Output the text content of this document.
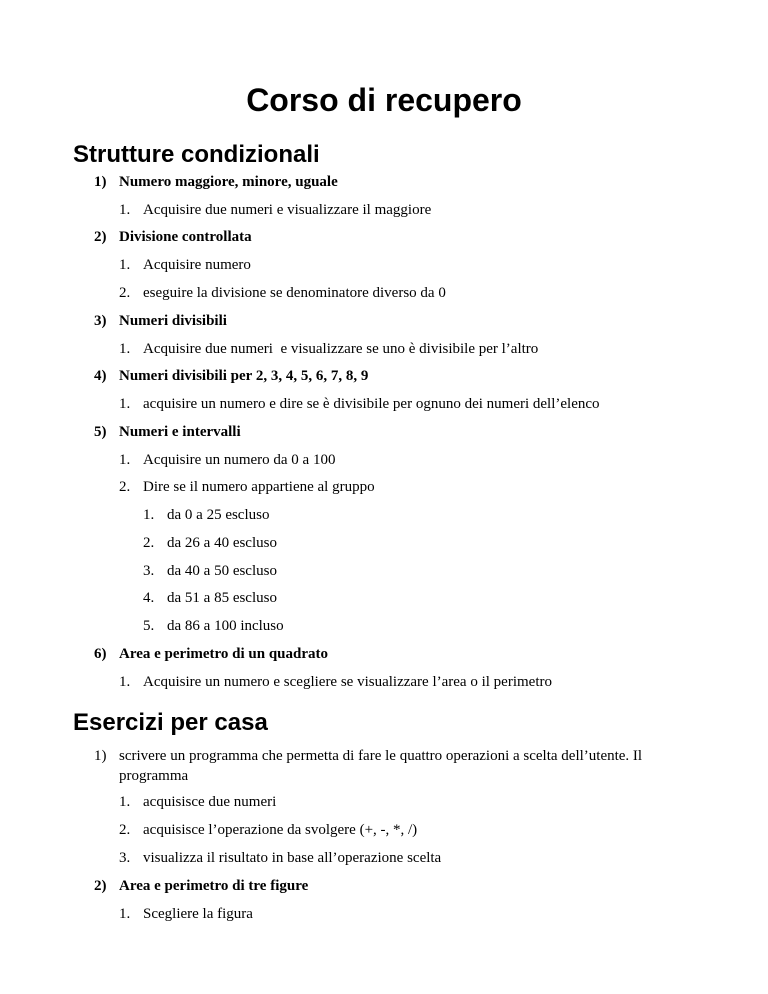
Corso di recupero
Strutture condizionali
1) Numero maggiore, minore, uguale
1. Acquisire due numeri e visualizzare il maggiore
2) Divisione controllata
1. Acquisire numero
2. eseguire la divisione se denominatore diverso da 0
3) Numeri divisibili
1. Acquisire due numeri  e visualizzare se uno è divisibile per l’altro
4) Numeri divisibili per 2, 3, 4, 5, 6, 7, 8, 9
1. acquisire un numero e dire se è divisibile per ognuno dei numeri dell’elenco
5) Numeri e intervalli
1. Acquisire un numero da 0 a 100
2. Dire se il numero appartiene al gruppo
1. da 0 a 25 escluso
2. da 26 a 40 escluso
3. da 40 a 50 escluso
4. da 51 a 85 escluso
5. da 86 a 100 incluso
6) Area e perimetro di un quadrato
1. Acquisire un numero e scegliere se visualizzare l’area o il perimetro
Esercizi per casa
1) scrivere un programma che permetta di fare le quattro operazioni a scelta dell’utente. Il programma
1. acquisisce due numeri
2. acquisisce l’operazione da svolgere (+, -, *, /)
3. visualizza il risultato in base all’operazione scelta
2) Area e perimetro di tre figure
1. Scegliere la figura
